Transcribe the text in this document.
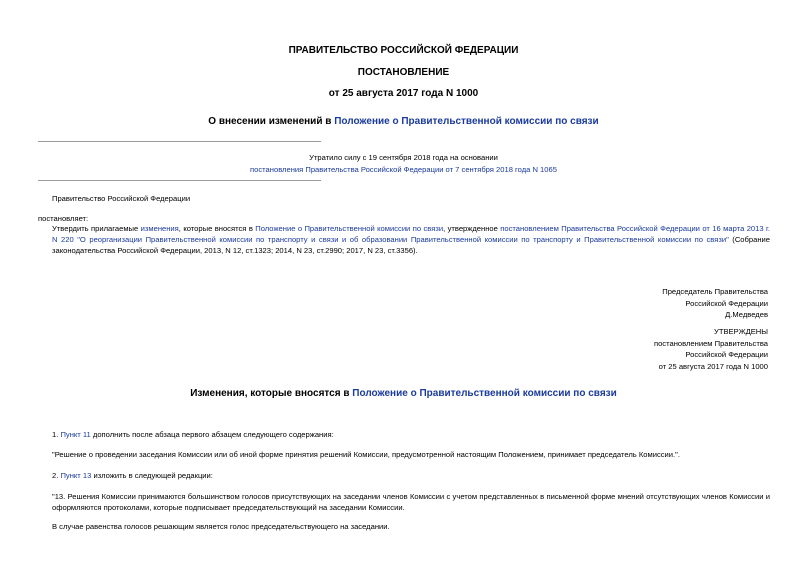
ПРАВИТЕЛЬСТВО РОССИЙСКОЙ ФЕДЕРАЦИИ
ПОСТАНОВЛЕНИЕ
от 25 августа 2017 года N 1000
О внесении изменений в Положение о Правительственной комиссии по связи
Утратило силу с 19 сентября 2018 года на основании
постановления Правительства Российской Федерации от 7 сентября 2018 года N 1065
Правительство Российской Федерации
постановляет:
Утвердить прилагаемые изменения, которые вносятся в Положение о Правительственной комиссии по связи, утвержденное постановлением Правительства Российской Федерации от 16 марта 2013 г. N 220 "О реорганизации Правительственной комиссии по транспорту и связи и об образовании Правительственной комиссии по транспорту и Правительственной комиссии по связи" (Собрание законодательства Российской Федерации, 2013, N 12, ст.1323; 2014, N 23, ст.2990; 2017, N 23, ст.3356).
Председатель Правительства
Российской Федерации
Д.Медведев
УТВЕРЖДЕНЫ
постановлением Правительства
Российской Федерации
от 25 августа 2017 года N 1000
Изменения, которые вносятся в Положение о Правительственной комиссии по связи
1. Пункт 11 дополнить после абзаца первого абзацем следующего содержания:
"Решение о проведении заседания Комиссии или об иной форме принятия решений Комиссии, предусмотренной настоящим Положением, принимает председатель Комиссии.".
2. Пункт 13 изложить в следующей редакции:
"13. Решения Комиссии принимаются большинством голосов присутствующих на заседании членов Комиссии с учетом представленных в письменной форме мнений отсутствующих членов Комиссии и оформляются протоколами, которые подписывает председательствующий на заседании Комиссии.
В случае равенства голосов решающим является голос председательствующего на заседании.
